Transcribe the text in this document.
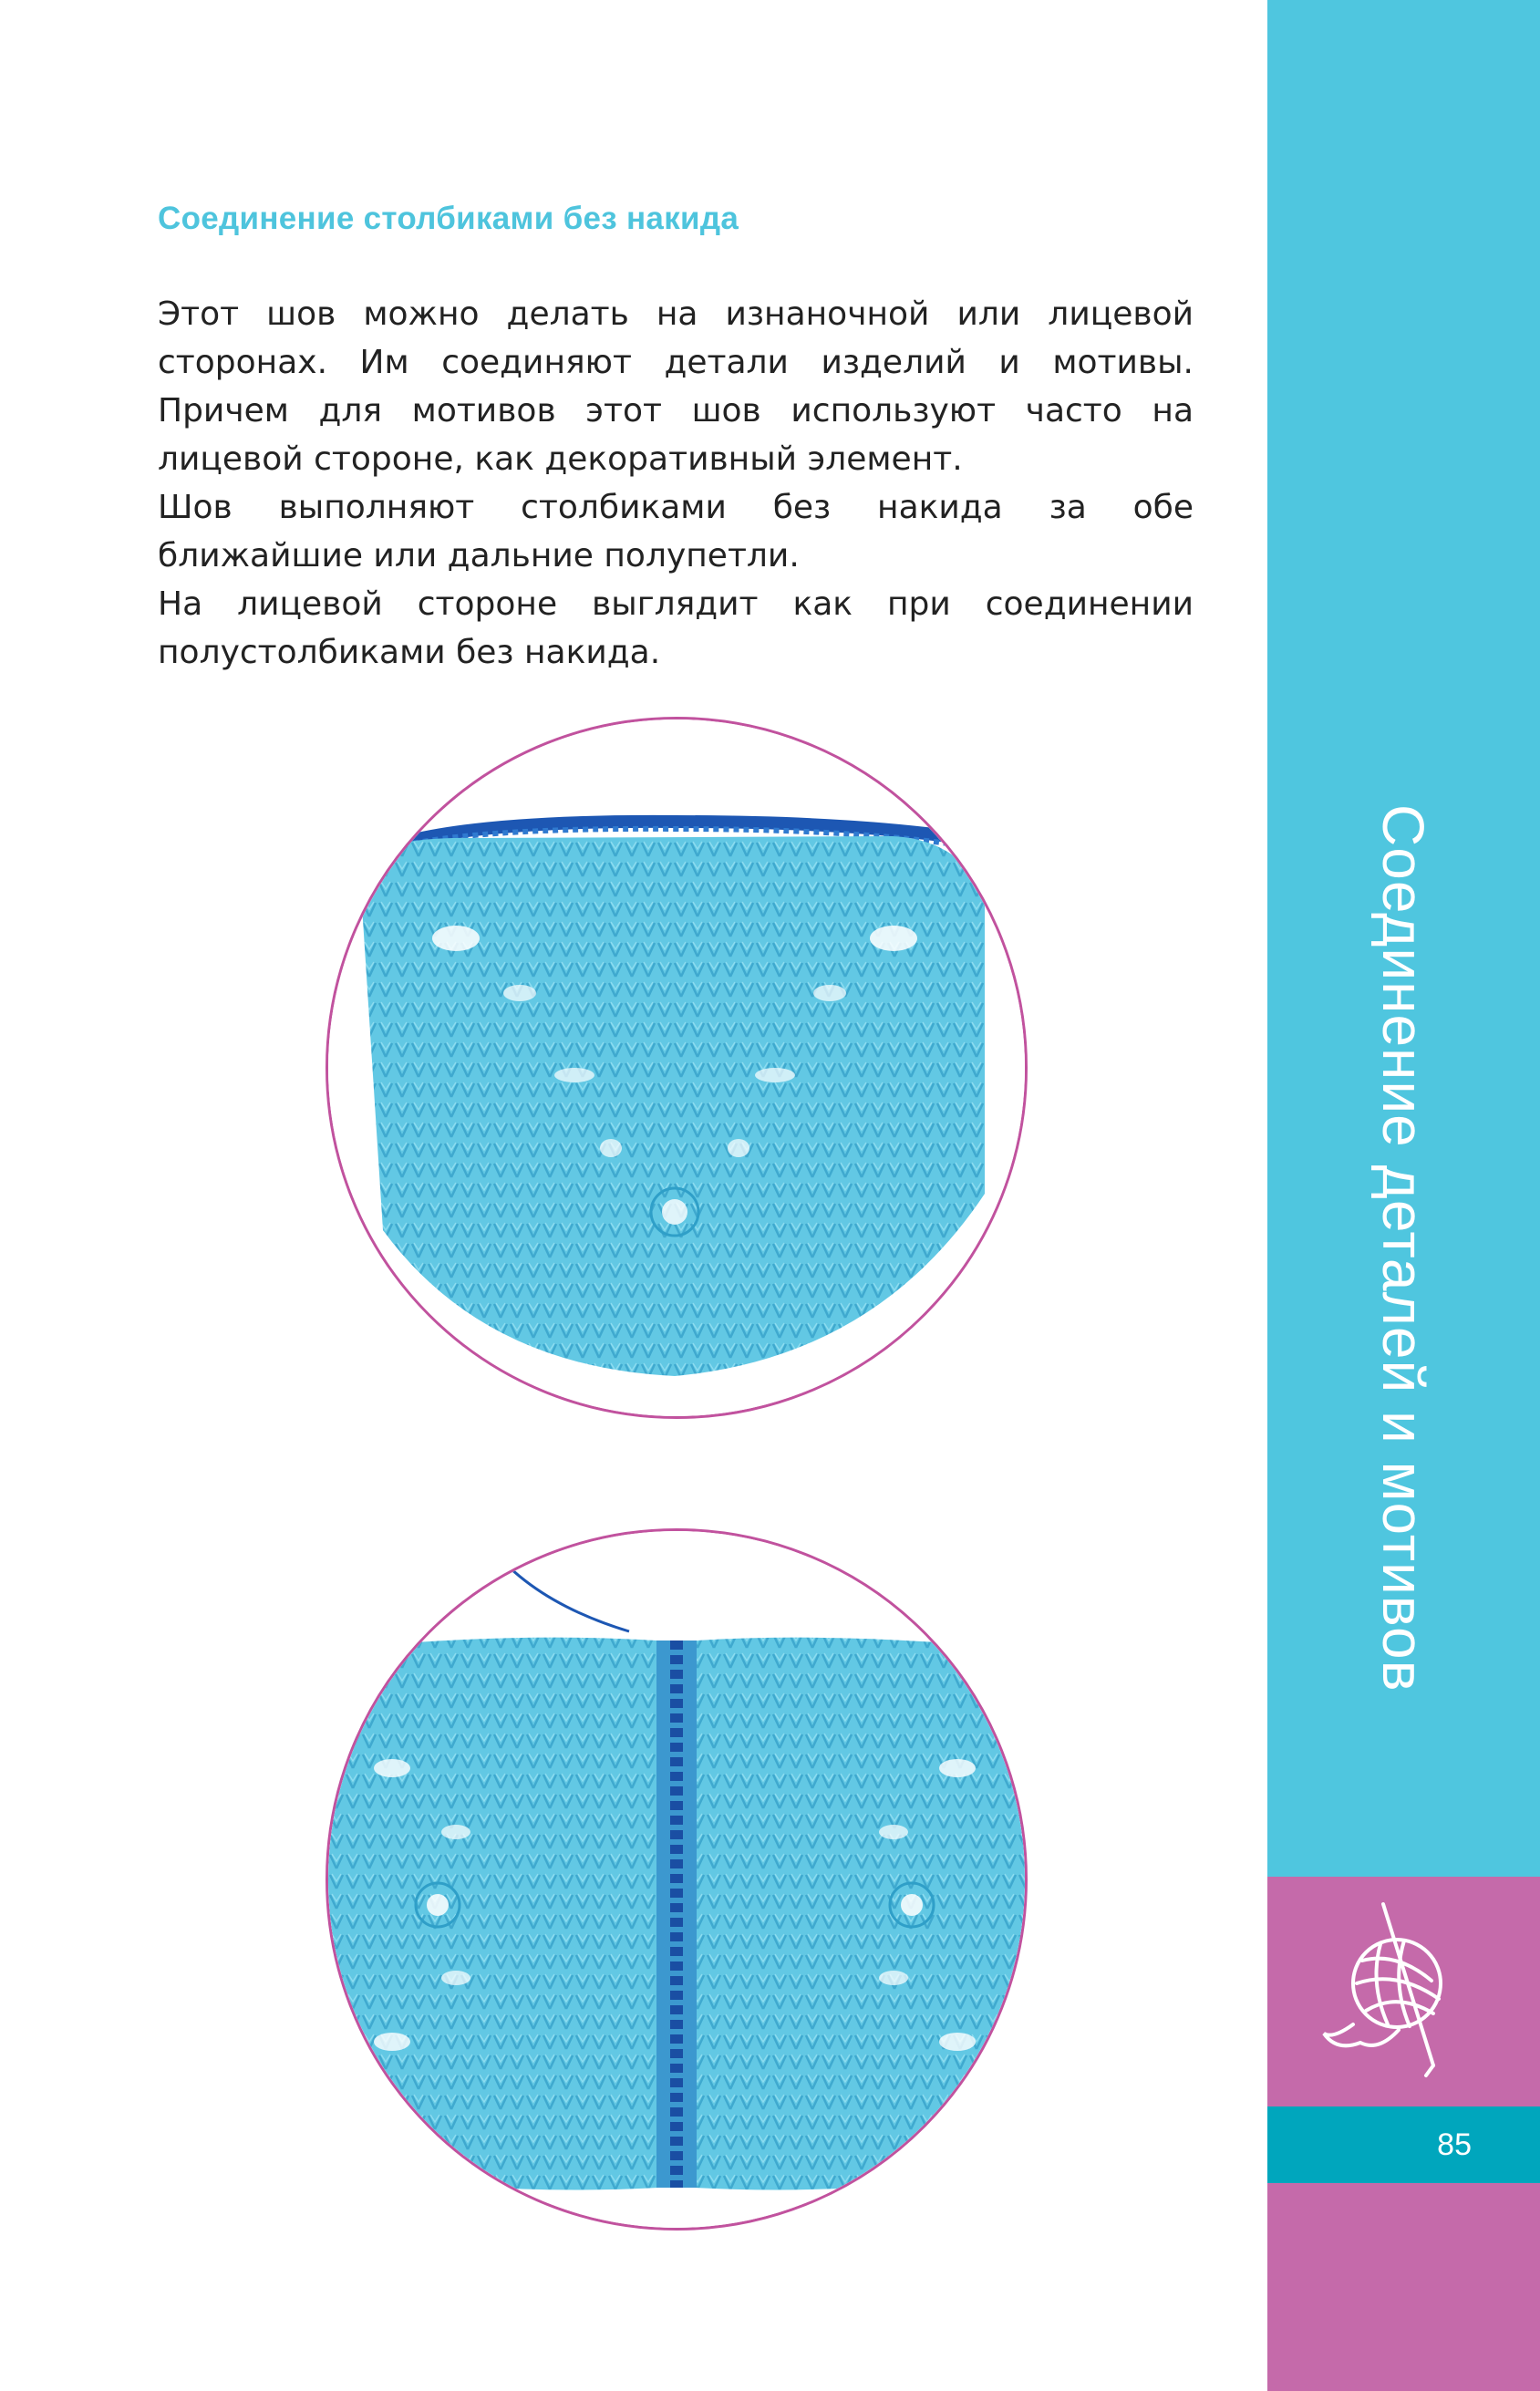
Соединение столбиками без накида

Этот шов можно делать на изнаночной или лицевой сторонах. Им соединяют детали изделий и мотивы. Причем для мотивов этот шов используют часто на лицевой стороне, как декоративный элемент.

Шов выполняют столбиками без накида за обе ближайшие или дальние полупетли.

На лицевой стороне выглядит как при соединении полустолбиками без накида.

Соединение деталей и мотивов
85
